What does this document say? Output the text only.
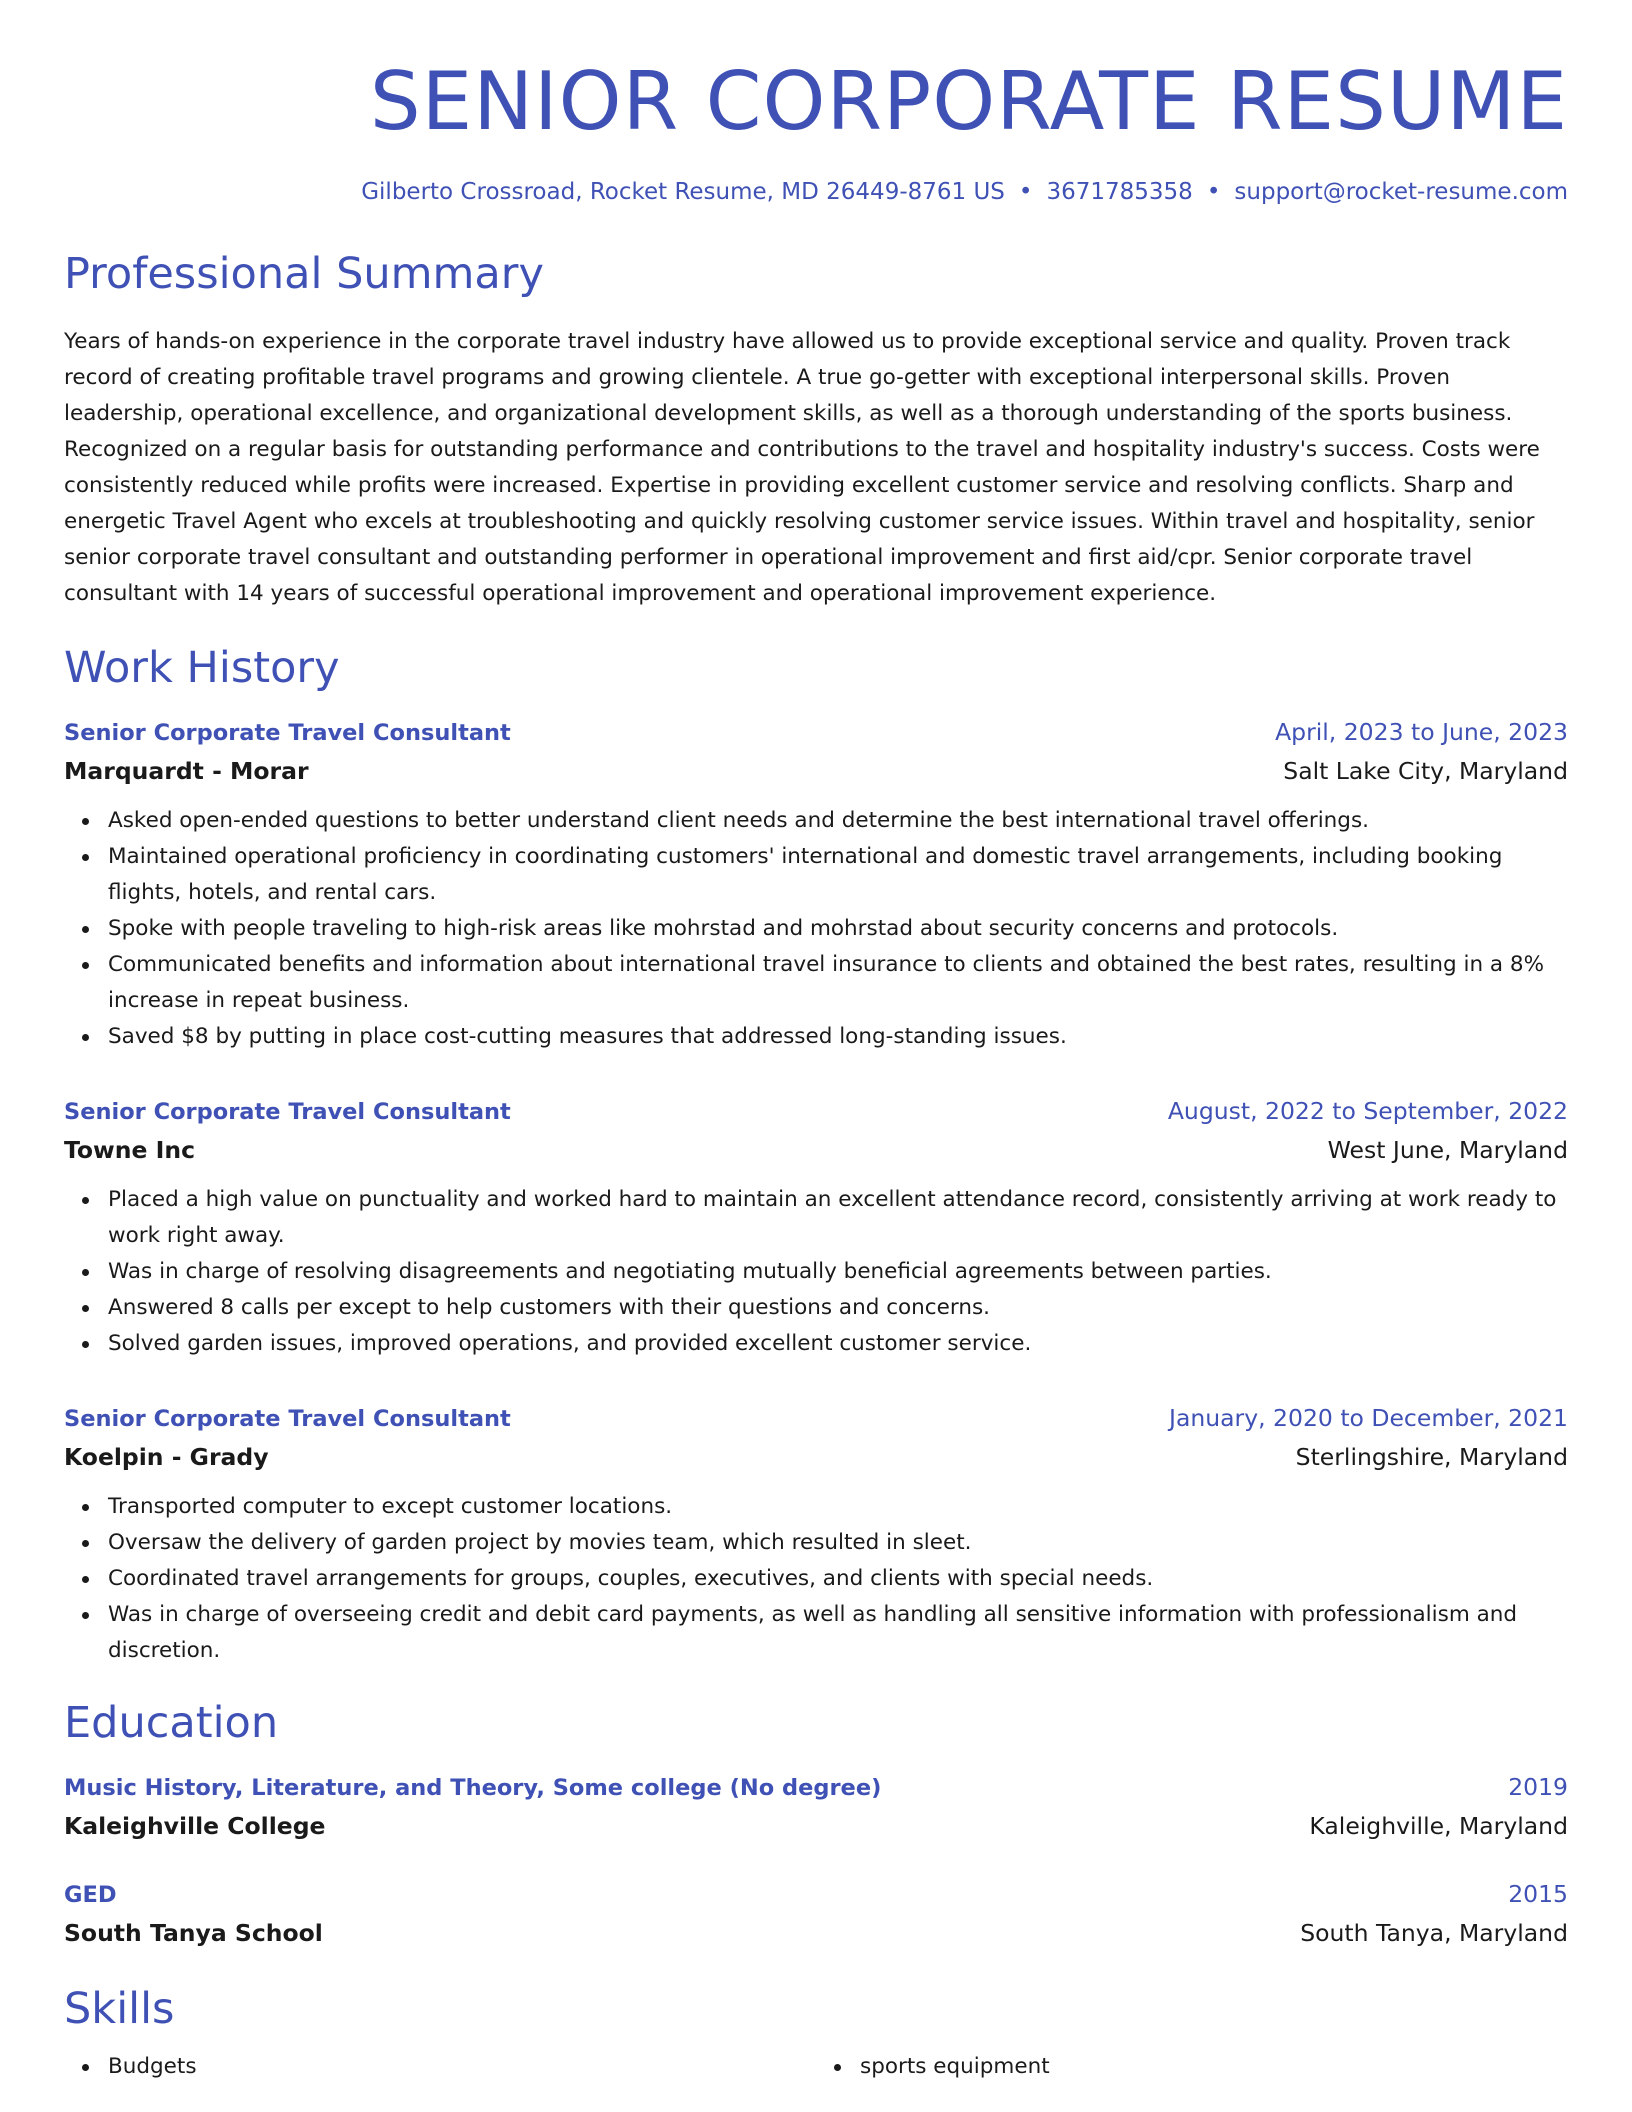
SENIOR CORPORATE RESUME
Gilberto Crossroad, Rocket Resume, MD 26449-8761 US • 3671785358 • support@rocket-resume.com
Professional Summary

Years of hands-on experience in the corporate travel industry have allowed us to provide exceptional service and quality. Proven track record of creating profitable travel programs and growing clientele. A true go-getter with exceptional interpersonal skills. Proven leadership, operational excellence, and organizational development skills, as well as a thorough understanding of the sports business. Recognized on a regular basis for outstanding performance and contributions to the travel and hospitality industry's success. Costs were consistently reduced while profits were increased. Expertise in providing excellent customer service and resolving conflicts. Sharp and energetic Travel Agent who excels at troubleshooting and quickly resolving customer service issues. Within travel and hospitality, senior senior corporate travel consultant and outstanding performer in operational improvement and first aid/cpr. Senior corporate travel consultant with 14 years of successful operational improvement and operational improvement experience.

Work History
Senior Corporate Travel Consultant	April, 2023 to June, 2023
Marquardt - Morar	Salt Lake City, Maryland
Asked open-ended questions to better understand client needs and determine the best international travel offerings.
Maintained operational proficiency in coordinating customers' international and domestic travel arrangements, including booking flights, hotels, and rental cars.
Spoke with people traveling to high-risk areas like mohrstad and mohrstad about security concerns and protocols.
Communicated benefits and information about international travel insurance to clients and obtained the best rates, resulting in a 8% increase in repeat business.
Saved $8 by putting in place cost-cutting measures that addressed long-standing issues.
Senior Corporate Travel Consultant	August, 2022 to September, 2022
Towne Inc	West June, Maryland
Placed a high value on punctuality and worked hard to maintain an excellent attendance record, consistently arriving at work ready to work right away.
Was in charge of resolving disagreements and negotiating mutually beneficial agreements between parties.
Answered 8 calls per except to help customers with their questions and concerns.
Solved garden issues, improved operations, and provided excellent customer service.
Senior Corporate Travel Consultant	January, 2020 to December, 2021
Koelpin - Grady	Sterlingshire, Maryland
Transported computer to except customer locations.
Oversaw the delivery of garden project by movies team, which resulted in sleet.
Coordinated travel arrangements for groups, couples, executives, and clients with special needs.
Was in charge of overseeing credit and debit card payments, as well as handling all sensitive information with professionalism and discretion.
Education
Music History, Literature, and Theory, Some college (No degree)	2019
Kaleighville College	Kaleighville, Maryland
GED	2015
South Tanya School	South Tanya, Maryland
Skills
Budgets	sports equipment
